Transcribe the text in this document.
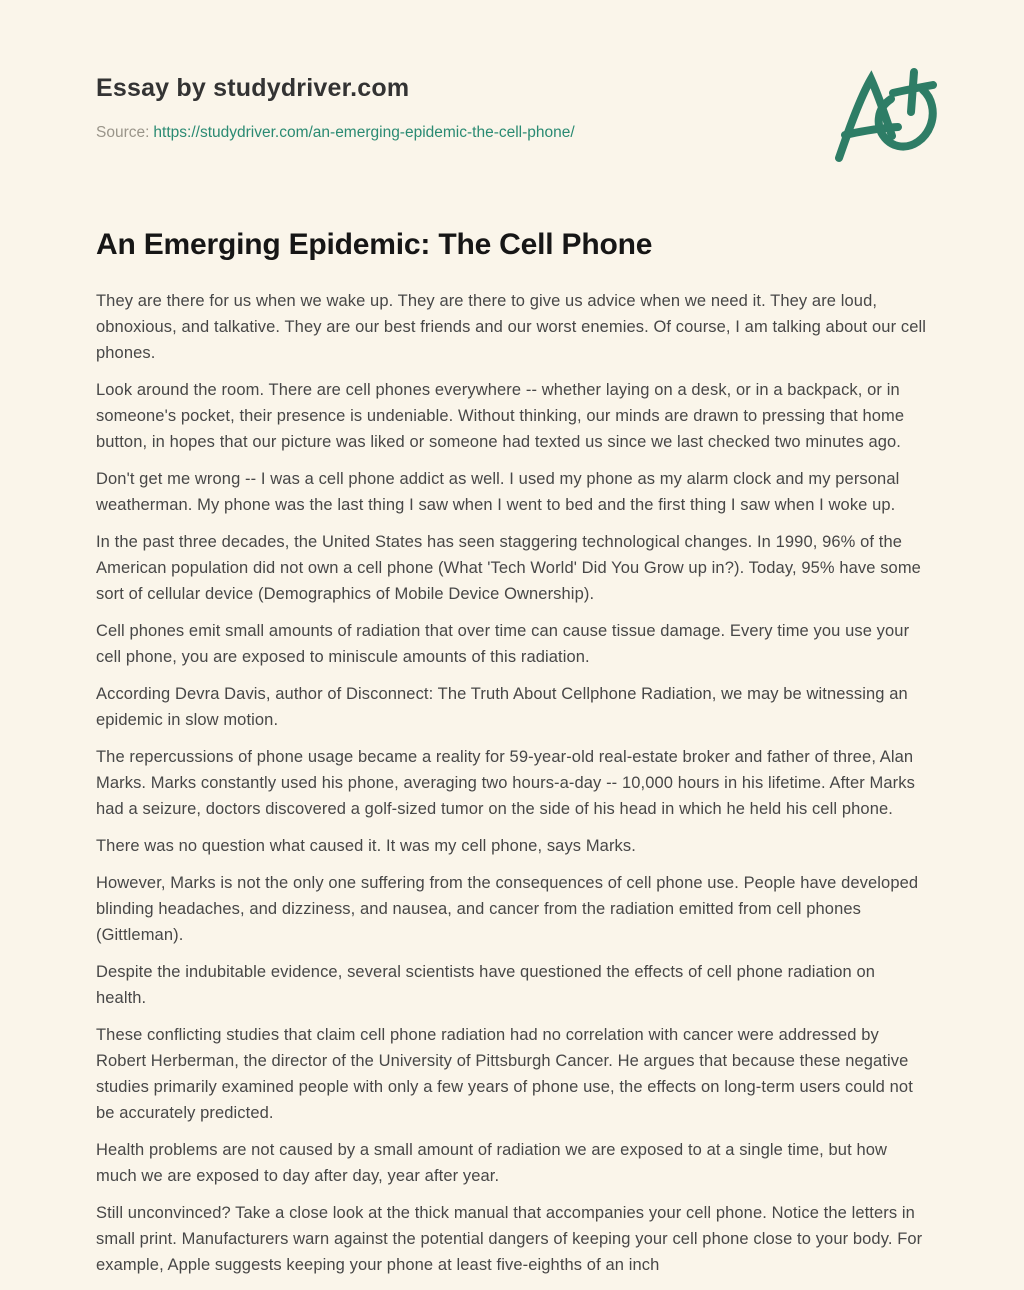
Essay by studydriver.com
Source: https://studydriver.com/an-emerging-epidemic-the-cell-phone/
An Emerging Epidemic: The Cell Phone

They are there for us when we wake up. They are there to give us advice when we need it. They are loud, obnoxious, and talkative. They are our best friends and our worst enemies. Of course, I am talking about our cell phones.

Look around the room. There are cell phones everywhere -- whether laying on a desk, or in a backpack, or in someone's pocket, their presence is undeniable. Without thinking, our minds are drawn to pressing that home button, in hopes that our picture was liked or someone had texted us since we last checked two minutes ago.

Don't get me wrong -- I was a cell phone addict as well. I used my phone as my alarm clock and my personal weatherman. My phone was the last thing I saw when I went to bed and the first thing I saw when I woke up.

In the past three decades, the United States has seen staggering technological changes. In 1990, 96% of the American population did not own a cell phone (What 'Tech World' Did You Grow up in?). Today, 95% have some sort of cellular device (Demographics of Mobile Device Ownership).

Cell phones emit small amounts of radiation that over time can cause tissue damage. Every time you use your cell phone, you are exposed to miniscule amounts of this radiation.

According Devra Davis, author of Disconnect: The Truth About Cellphone Radiation, we may be witnessing an epidemic in slow motion.

The repercussions of phone usage became a reality for 59-year-old real-estate broker and father of three, Alan Marks. Marks constantly used his phone, averaging two hours-a-day -- 10,000 hours in his lifetime. After Marks had a seizure, doctors discovered a golf-sized tumor on the side of his head in which he held his cell phone.

There was no question what caused it. It was my cell phone, says Marks.

However, Marks is not the only one suffering from the consequences of cell phone use. People have developed blinding headaches, and dizziness, and nausea, and cancer from the radiation emitted from cell phones (Gittleman).

Despite the indubitable evidence, several scientists have questioned the effects of cell phone radiation on health.

These conflicting studies that claim cell phone radiation had no correlation with cancer were addressed by Robert Herberman, the director of the University of Pittsburgh Cancer. He argues that because these negative studies primarily examined people with only a few years of phone use, the effects on long-term users could not be accurately predicted.

Health problems are not caused by a small amount of radiation we are exposed to at a single time, but how much we are exposed to day after day, year after year.

Still unconvinced? Take a close look at the thick manual that accompanies your cell phone. Notice the letters in small print. Manufacturers warn against the potential dangers of keeping your cell phone close to your body. For example, Apple suggests keeping your phone at least five-eighths of an inch
